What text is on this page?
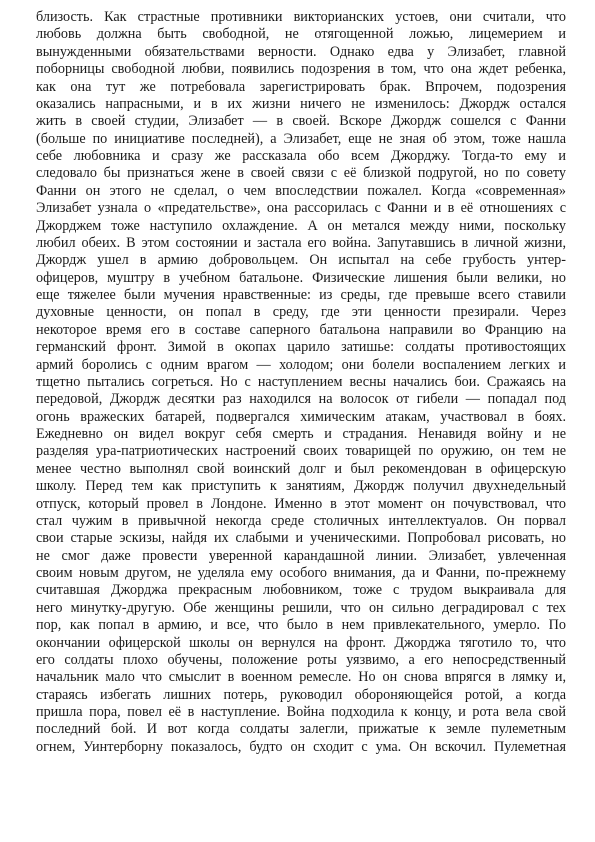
близость. Как страстные противники викторианских устоев, они считали, что
любовь должна быть свободной, не отягощенной ложью, лицемерием и
вынужденными обязательствами верности. Однако едва у Элизабет, главной
поборницы свободной любви, появились подозрения в том, что она ждет ребенка,
как она тут же потребовала зарегистрировать брак. Впрочем, подозрения
оказались напрасными, и в их жизни ничего не изменилось: Джордж остался
жить в своей студии, Элизабет — в своей. Вскоре Джордж сошелся с Фанни
(больше по инициативе последней), а Элизабет, еще не зная об этом, тоже нашла
себе любовника и сразу же рассказала обо всем Джорджу. Тогда-то ему и
следовало бы признаться жене в своей связи с её близкой подругой, но по совету
Фанни он этого не сделал, о чем впоследствии пожалел. Когда «современная»
Элизабет узнала о «предательстве», она рассорилась с Фанни и в её отношениях с
Джорджем тоже наступило охлаждение. А он метался между ними, поскольку
любил обеих. В этом состоянии и застала его война. Запутавшись в личной жизни,
Джордж ушел в армию добровольцем. Он испытал на себе грубость унтер-
офицеров, муштру в учебном батальоне. Физические лишения были велики, но
еще тяжелее были мучения нравственные: из среды, где превыше всего ставили
духовные ценности, он попал в среду, где эти ценности презирали. Через
некоторое время его в составе саперного батальона направили во Францию на
германский фронт. Зимой в окопах царило затишье: солдаты противостоящих
армий боролись с одним врагом — холодом; они болели воспалением легких и
тщетно пытались согреться. Но с наступлением весны начались бои. Сражаясь на
передовой, Джордж десятки раз находился на волосок от гибели — попадал под
огонь вражеских батарей, подвергался химическим атакам, участвовал в боях.
Ежедневно он видел вокруг себя смерть и страдания. Ненавидя войну и не
разделяя ура-патриотических настроений своих товарищей по оружию, он тем не
менее честно выполнял свой воинский долг и был рекомендован в офицерскую
школу. Перед тем как приступить к занятиям, Джордж получил двухнедельный
отпуск, который провел в Лондоне. Именно в этот момент он почувствовал, что
стал чужим в привычной некогда среде столичных интеллектуалов. Он порвал
свои старые эскизы, найдя их слабыми и ученическими. Попробовал рисовать, но
не смог даже провести уверенной карандашной линии. Элизабет, увлеченная
своим новым другом, не уделяла ему особого внимания, да и Фанни, по-прежнему
считавшая Джорджа прекрасным любовником, тоже с трудом выкраивала для
него минутку-другую. Обе женщины решили, что он сильно деградировал с тех
пор, как попал в армию, и все, что было в нем привлекательного, умерло. По
окончании офицерской школы он вернулся на фронт. Джорджа тяготило то, что
его солдаты плохо обучены, положение роты уязвимо, а его непосредственный
начальник мало что смыслит в военном ремесле. Но он снова впрягся в лямку и,
стараясь избегать лишних потерь, руководил обороняющейся ротой, а когда
пришла пора, повел её в наступление. Война подходила к концу, и рота вела свой
последний бой. И вот когда солдаты залегли, прижатые к земле пулеметным
огнем, Уинтерборну показалось, будто он сходит с ума. Он вскочил. Пулеметная
